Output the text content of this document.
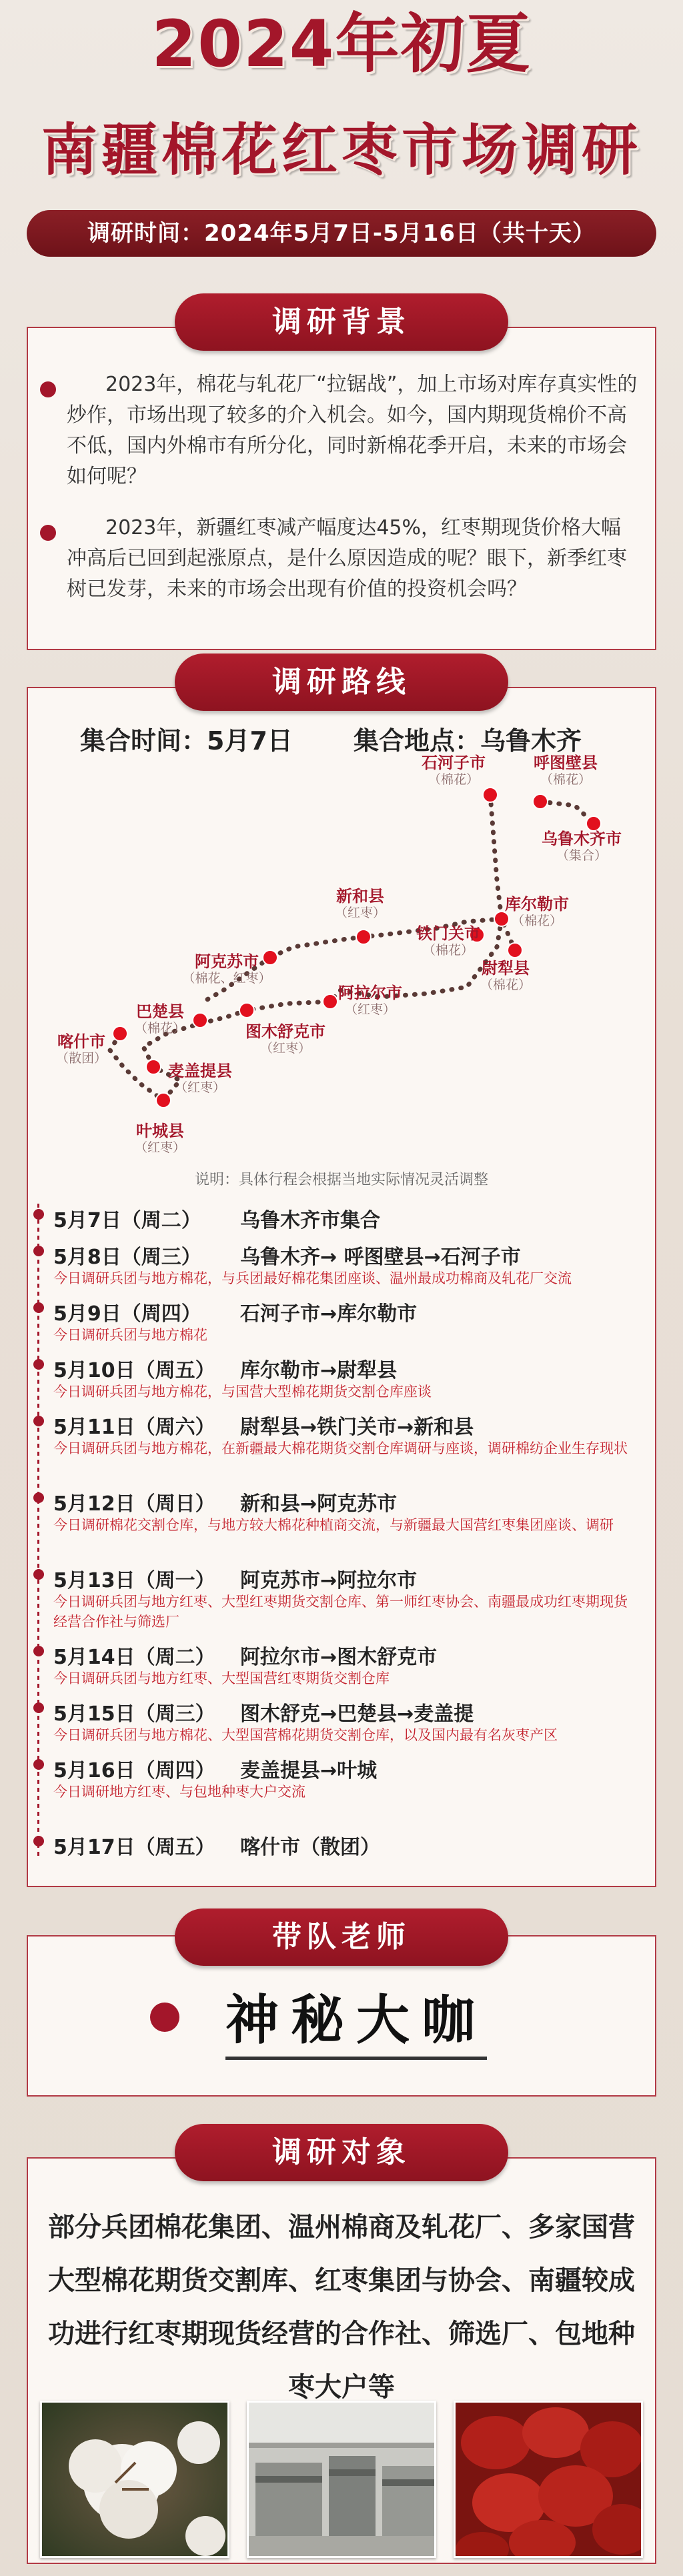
2024年初夏
南疆棉花红枣市场调研
调研时间：2024年5月7日-5月16日（共十天）
调研背景
2023年，棉花与轧花厂“拉锯战”，加上市场对库存真实性的炒作，市场出现了较多的介入机会。如今，国内期现货棉价不高不低，国内外棉市有所分化，同时新棉花季开启，未来的市场会如何呢？
2023年，新疆红枣减产幅度达45%，红枣期现货价格大幅冲高后已回到起涨原点，是什么原因造成的呢？眼下，新季红枣树已发芽，未来的市场会出现有价值的投资机会吗？
调研路线
集合时间：5月7日 集合地点：乌鲁木齐
石河子市
（棉花）
呼图壁县
（棉花）
乌鲁木齐市
（集合）
新和县
（红枣）	库尔勒市
（棉花）
铁门关市
（棉花）
尉犁县
（棉花）
阿克苏市
（棉花、红枣）
阿拉尔市
（红枣）
巴楚县
（棉花）	图木舒克市
（红枣）
喀什市
（散团）
麦盖提县
（红枣）
叶城县
（红枣）
说明：具体行程会根据当地实际情况灵活调整
5月7日（周二） 乌鲁木齐市集合
5月8日（周三） 乌鲁木齐→ 呼图壁县→石河子市
今日调研兵团与地方棉花，与兵团最好棉花集团座谈、温州最成功棉商及轧花厂交流
5月9日（周四） 石河子市→库尔勒市
今日调研兵团与地方棉花
5月10日（周五） 库尔勒市→尉犁县
今日调研兵团与地方棉花，与国营大型棉花期货交割仓库座谈
5月11日（周六） 尉犁县→铁门关市→新和县
今日调研兵团与地方棉花，在新疆最大棉花期货交割仓库调研与座谈，调研棉纺企业生存现状
5月12日（周日） 新和县→阿克苏市
今日调研棉花交割仓库，与地方较大棉花种植商交流，与新疆最大国营红枣集团座谈、调研
5月13日（周一） 阿克苏市→阿拉尔市
今日调研兵团与地方红枣、大型红枣期货交割仓库、第一师红枣协会、南疆最成功红枣期现货经营合作社与筛选厂
5月14日（周二） 阿拉尔市→图木舒克市
今日调研兵团与地方红枣、大型国营红枣期货交割仓库
5月15日（周三） 图木舒克→巴楚县→麦盖提
今日调研兵团与地方棉花、大型国营棉花期货交割仓库，以及国内最有名灰枣产区
5月16日（周四） 麦盖提县→叶城
今日调研地方红枣、与包地种枣大户交流
5月17日（周五） 喀什市（散团）
带队老师
神秘大咖
调研对象
部分兵团棉花集团、温州棉商及轧花厂、多家国营大型棉花期货交割库、红枣集团与协会、南疆较成功进行红枣期现货经营的合作社、筛选厂、包地种枣大户等
